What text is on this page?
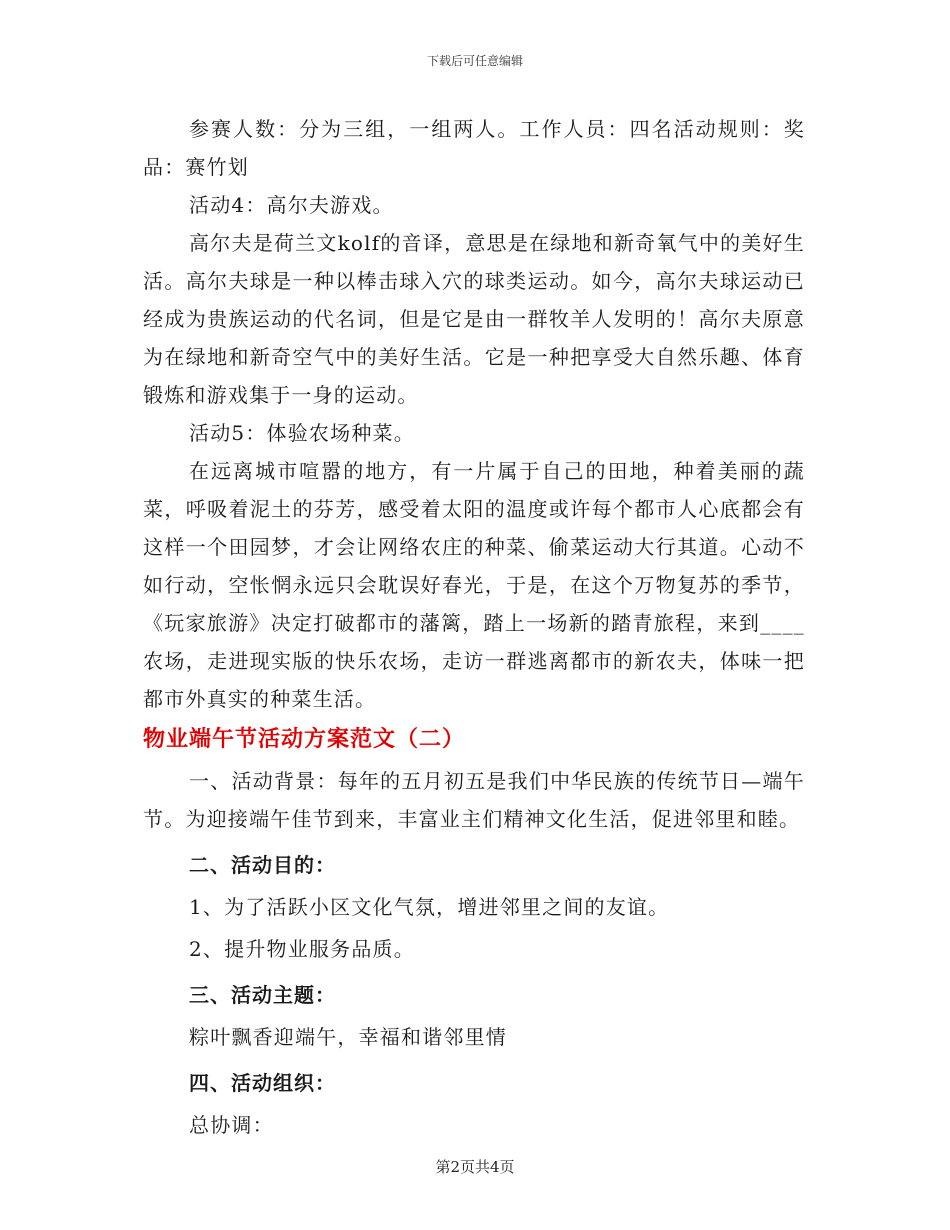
下载后可任意编辑

参赛人数：分为三组，一组两人。工作人员：四名活动规则：奖品：赛竹划

活动4：高尔夫游戏。

高尔夫是荷兰文kolf的音译，意思是在绿地和新奇氧气中的美好生活。高尔夫球是一种以棒击球入穴的球类运动。如今，高尔夫球运动已经成为贵族运动的代名词，但是它是由一群牧羊人发明的！高尔夫原意为在绿地和新奇空气中的美好生活。它是一种把享受大自然乐趣、体育锻炼和游戏集于一身的运动。

活动5：体验农场种菜。

在远离城市喧嚣的地方，有一片属于自己的田地，种着美丽的蔬菜，呼吸着泥土的芬芳，感受着太阳的温度或许每个都市人心底都会有这样一个田园梦，才会让网络农庄的种菜、偷菜运动大行其道。心动不如行动，空怅惘永远只会耽误好春光，于是，在这个万物复苏的季节，《玩家旅游》决定打破都市的藩篱，踏上一场新的踏青旅程，来到____农场，走进现实版的快乐农场，走访一群逃离都市的新农夫，体味一把都市外真实的种菜生活。

物业端午节活动方案范文（二）

一、活动背景：每年的五月初五是我们中华民族的传统节日—端午节。为迎接端午佳节到来，丰富业主们精神文化生活，促进邻里和睦。

二、活动目的：

1、为了活跃小区文化气氛，增进邻里之间的友谊。

2、提升物业服务品质。

三、活动主题：

粽叶飘香迎端午，幸福和谐邻里情

四、活动组织：

总协调：

第2页共4页
